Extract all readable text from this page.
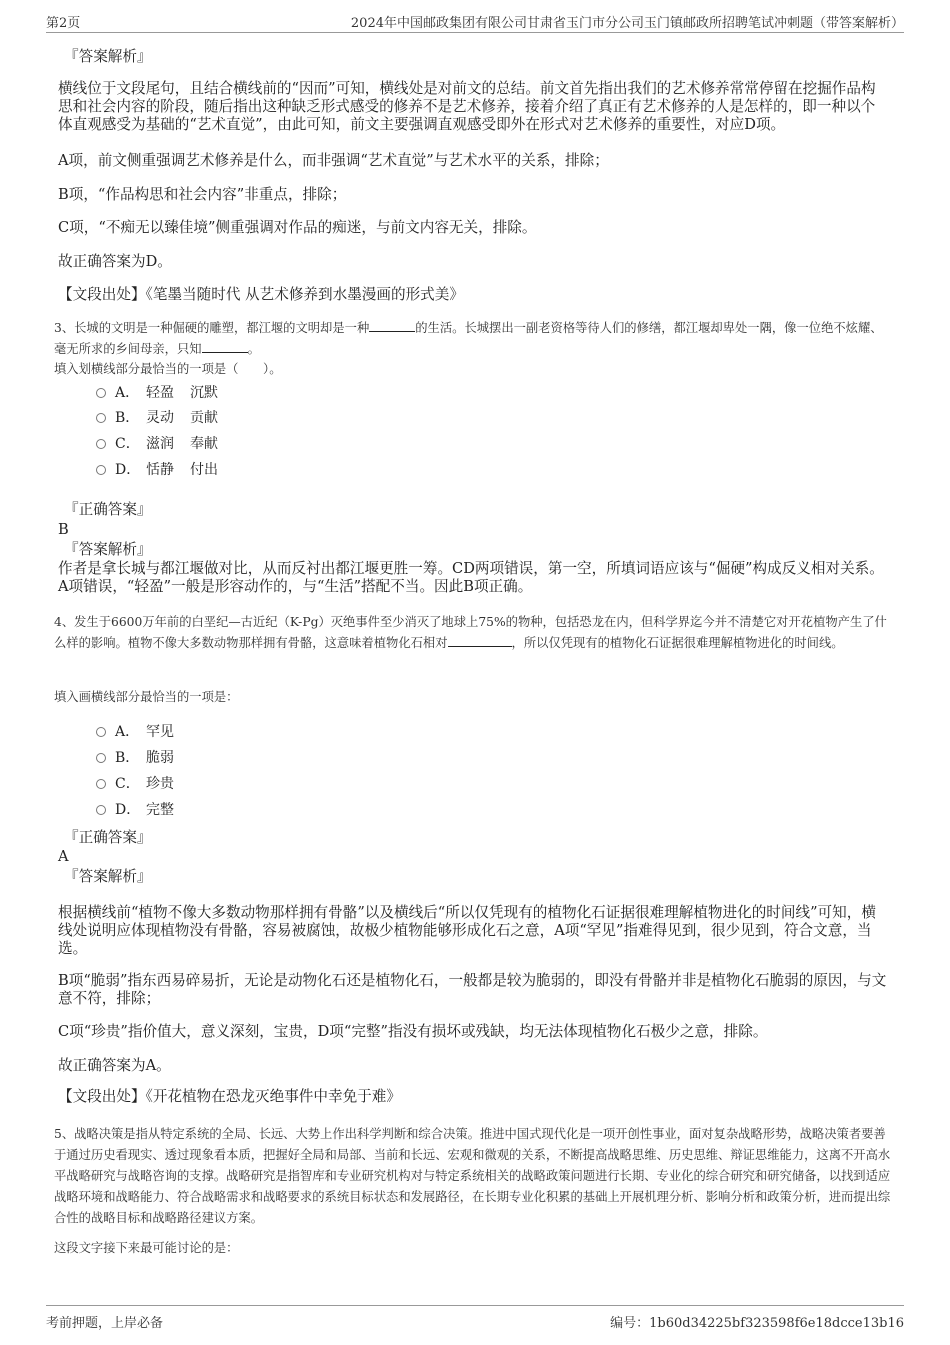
第2页	2024年中国邮政集团有限公司甘肃省玉门市分公司玉门镇邮政所招聘笔试冲刺题（带答案解析）
『答案解析』
横线位于文段尾句，且结合横线前的“因而”可知，横线处是对前文的总结。前文首先指出我们的艺术修养常常停留在挖掘作品构思和社会内容的阶段，随后指出这种缺乏形式感受的修养不是艺术修养，接着介绍了真正有艺术修养的人是怎样的，即一种以个体直观感受为基础的“艺术直觉”，由此可知，前文主要强调直观感受即外在形式对艺术修养的重要性，对应D项。
A项，前文侧重强调艺术修养是什么，而非强调“艺术直觉”与艺术水平的关系，排除；
B项，“作品构思和社会内容”非重点，排除；
C项，“不痴无以臻佳境”侧重强调对作品的痴迷，与前文内容无关，排除。
故正确答案为D。
【文段出处】《笔墨当随时代 从艺术修养到水墨漫画的形式美》
3、长城的文明是一种倔硬的雕塑，都江堰的文明却是一种	的生活。长城摆出一副老资格等待人们的修缮，都江堰却卑处一隅，像一位绝不炫耀、毫无所求的乡间母亲，只知	。
填入划横线部分最恰当的一项是（　　）。
A． 轻盈 沉默
B． 灵动 贡献
C． 滋润 奉献
D． 恬静 付出
『正确答案』
B
『答案解析』
作者是拿长城与都江堰做对比，从而反衬出都江堰更胜一筹。CD两项错误，第一空，所填词语应该与“倔硬”构成反义相对关系。A项错误，“轻盈”一般是形容动作的，与“生活”搭配不当。因此B项正确。
4、发生于6600万年前的白垩纪—古近纪（K-Pg）灭绝事件至少消灭了地球上75%的物种，包括恐龙在内，但科学界迄今并不清楚它对开花植物产生了什么样的影响。植物不像大多数动物那样拥有骨骼，这意味着植物化石相对	，所以仅凭现有的植物化石证据很难理解植物进化的时间线。
填入画横线部分最恰当的一项是：
A． 罕见
B． 脆弱
C． 珍贵
D． 完整
『正确答案』
A
『答案解析』
根据横线前“植物不像大多数动物那样拥有骨骼”以及横线后“所以仅凭现有的植物化石证据很难理解植物进化的时间线”可知，横线处说明应体现植物没有骨骼，容易被腐蚀，故极少植物能够形成化石之意，A项“罕见”指难得见到，很少见到，符合文意，当选。
B项“脆弱”指东西易碎易折，无论是动物化石还是植物化石，一般都是较为脆弱的，即没有骨骼并非是植物化石脆弱的原因，与文意不符，排除；
C项“珍贵”指价值大，意义深刻，宝贵，D项“完整”指没有损坏或残缺，均无法体现植物化石极少之意，排除。
故正确答案为A。
【文段出处】《开花植物在恐龙灭绝事件中幸免于难》
5、战略决策是指从特定系统的全局、长远、大势上作出科学判断和综合决策。推进中国式现代化是一项开创性事业，面对复杂战略形势，战略决策者要善于通过历史看现实、透过现象看本质，把握好全局和局部、当前和长远、宏观和微观的关系，不断提高战略思维、历史思维、辩证思维能力，这离不开高水平战略研究与战略咨询的支撑。战略研究是指智库和专业研究机构对与特定系统相关的战略政策问题进行长期、专业化的综合研究和研究储备，以找到适应战略环境和战略能力、符合战略需求和战略要求的系统目标状态和发展路径，在长期专业化积累的基础上开展机理分析、影响分析和政策分析，进而提出综合性的战略目标和战略路径建议方案。
这段文字接下来最可能讨论的是：
考前押题，上岸必备	编号：1b60d34225bf323598f6e18dcce13b16
